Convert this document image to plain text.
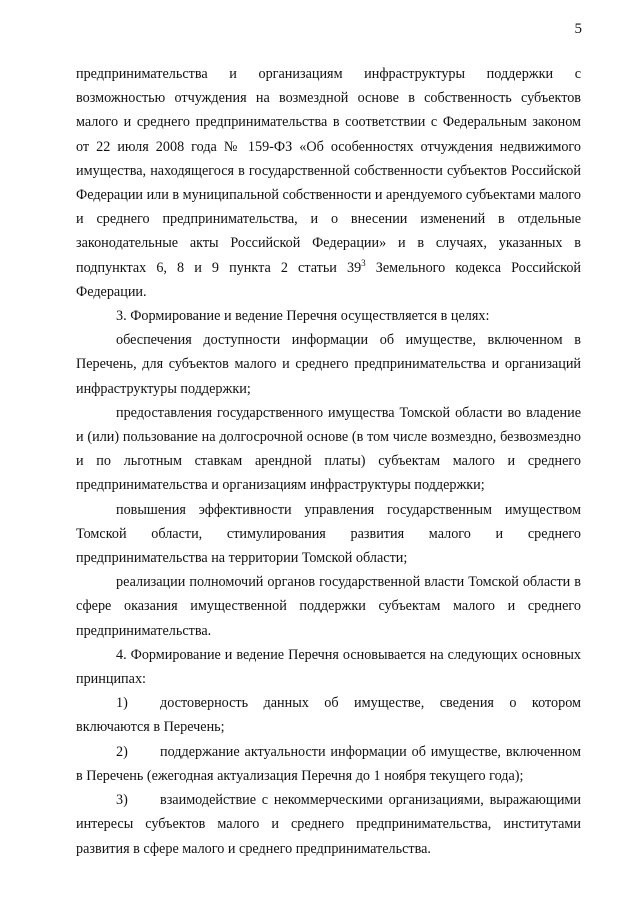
5

предпринимательства и организациям инфраструктуры поддержки с возможностью отчуждения на возмездной основе в собственность субъектов малого и среднего предпринимательства в соответствии с Федеральным законом от 22 июля 2008 года № 159-ФЗ «Об особенностях отчуждения недвижимого имущества, находящегося в государственной собственности субъектов Российской Федерации или в муниципальной собственности и арендуемого субъектами малого и среднего предпринимательства, и о внесении изменений в отдельные законодательные акты Российской Федерации» и в случаях, указанных в подпунктах 6, 8 и 9 пункта 2 статьи $39^3$ Земельного кодекса Российской Федерации.

3. Формирование и ведение Перечня осуществляется в целях:

обеспечения доступности информации об имуществе, включенном в Перечень, для субъектов малого и среднего предпринимательства и организаций инфраструктуры поддержки;

предоставления государственного имущества Томской области во владение и (или) пользование на долгосрочной основе (в том числе возмездно, безвозмездно и по льготным ставкам арендной платы) субъектам малого и среднего предпринимательства и организациям инфраструктуры поддержки;

повышения эффективности управления государственным имуществом Томской области, стимулирования развития малого и среднего предпринимательства на территории Томской области;

реализации полномочий органов государственной власти Томской области в сфере оказания имущественной поддержки субъектам малого и среднего предпринимательства.

4. Формирование и ведение Перечня основывается на следующих основных принципах:

1) достоверность данных об имуществе, сведения о котором включаются в Перечень;

2) поддержание актуальности информации об имуществе, включенном в Перечень (ежегодная актуализация Перечня до 1 ноября текущего года);

3) взаимодействие с некоммерческими организациями, выражающими интересы субъектов малого и среднего предпринимательства, институтами развития в сфере малого и среднего предпринимательства.
